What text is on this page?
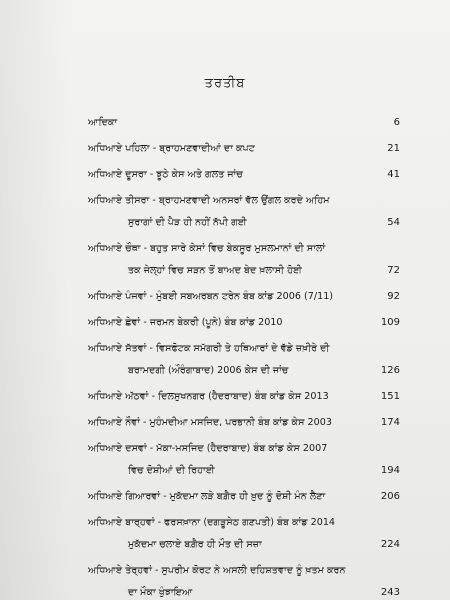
ਤਰਤੀਬ
ਆਦਿਕਾ	6
ਅਧਿਆਏ ਪਹਿਲਾ - ਬ੍ਰਾਹਮਣਵਾਦੀਆਂ ਦਾ ਕਪਟ	21
ਅਧਿਆਏ ਦੂਸਰਾ - ਝੂਠੇ ਕੇਸ ਅਤੇ ਗਲਤ ਜਾਂਚ	41
ਅਧਿਆਏ ਤੀਸਰਾ - ਬ੍ਰਾਹਮਣਵਾਦੀ ਅਨਸਰਾਂ ਵੱਲ ਉਂਗਲ ਕਰਦੇ ਅਹਿਮ
ਸੁਰਾਗਾਂ ਦੀ ਪੈੜ ਹੀ ਨਹੀਂ ਨੱਪੀ ਗਈ	54
ਅਧਿਆਏ ਚੌਥਾ - ਬਹੁਤ ਸਾਰੇ ਕੇਸਾਂ ਵਿਚ ਬੇਕਸੂਰ ਮੁਸਲਮਾਨਾਂ ਦੀ ਸਾਲਾਂ
ਤਕ ਜੇਲ੍ਹਾਂ ਵਿਚ ਸੜਨ ਤੋਂ ਬਾਅਦ ਬੇਦ ਖ਼ਲਾਸੀ ਹੋਈ	72
ਅਧਿਆਏ ਪੰਜਵਾਂ - ਮੁੰਬਈ ਸਬਅਰਬਨ ਟਰੇਨ ਬੰਬ ਕਾਂਡ 2006 (7/11)	92
ਅਧਿਆਏ ਛੇਵਾਂ - ਜਰਮਨ ਬੇਕਰੀ (ਪੂਨੇ) ਬੰਬ ਕਾਂਡ 2010	109
ਅਧਿਆਏ ਸੱਤਵਾਂ - ਵਿਸਫੋਟਕ ਸਮੱਗਰੀ ਤੇ ਹਥਿਆਰਾਂ ਦੇ ਵੱਡੇ ਜ਼ਖ਼ੀਰੇ ਦੀ
ਬਰਾਮਦਗੀ (ਔਰੰਗਾਬਾਦ) 2006 ਕੇਸ ਦੀ ਜਾਂਚ	126
ਅਧਿਆਏ ਅੱਠਵਾਂ - ਦਿਲਸੁਖਨਗਰ (ਹੈਦਰਾਬਾਦ) ਬੰਬ ਕਾਂਡ ਕੇਸ 2013	151
ਅਧਿਆਏ ਨੌਵਾਂ - ਮੁਹੰਮਦੀਆ ਮਸਜਿਦ, ਪਰਭਾਨੀ ਬੰਬ ਕਾਂਡ ਕੇਸ 2003	174
ਅਧਿਆਏ ਦਸਵਾਂ - ਮੱਕਾ-ਮਸਜਿਦ (ਹੈਦਰਾਬਾਦ) ਬੰਬ ਕਾਂਡ ਕੇਸ 2007
ਵਿਚ ਦੋਸ਼ੀਆਂ ਦੀ ਰਿਹਾਈ	194
ਅਧਿਆਏ ਗਿਆਰਵਾਂ - ਮੁਕੱਦਮਾ ਲੜੇ ਬਗ਼ੈਰ ਹੀ ਖ਼ੁਦ ਨੂੰ ਦੋਸ਼ੀ ਮੰਨ ਲੈਣਾ	206
ਅਧਿਆਏ ਬਾਰ੍ਹਵਾਂ - ਫਰਸਖ਼ਾਨਾ (ਦਗੜੂਸੇਠ ਗਣਪਤੀ) ਬੰਬ ਕਾਂਡ 2014
ਮੁਕੱਦਮਾ ਚਲਾਏ ਬਗ਼ੈਰ ਹੀ ਮੌਤ ਦੀ ਸਜ਼ਾ	224
ਅਧਿਆਏ ਤੇਰ੍ਹਵਾਂ - ਸੁਪਰੀਮ ਕੋਰਟ ਨੇ ਅਸਲੀ ਦਹਿਸ਼ਤਵਾਦ ਨੂੰ ਖ਼ਤਮ ਕਰਨ
ਦਾ ਮੌਕਾ ਖੁੰਝਾਇਆ	243
